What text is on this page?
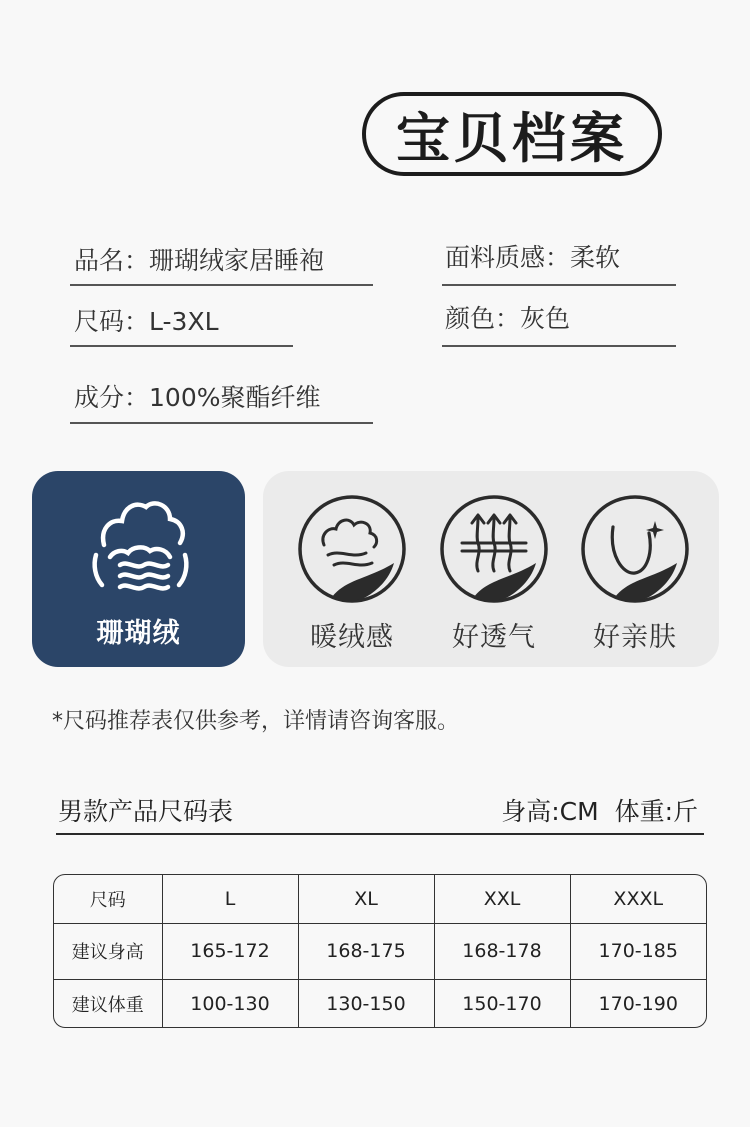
宝贝档案
品名 ： 珊瑚绒家居睡袍	面料质感 ： 柔软
尺码 ： L-3XL	颜色 ： 灰色
成分 ： 100%聚酯纤维
珊瑚绒	暖绒感	好透气	好亲肤
*尺码推荐表仅供参考，详情请咨询客服。
男款产品尺码表	身高:CM  体重:斤
尺码	L	XL	XXL	XXXL
建议身高	165-172	168-175	168-178	170-185
建议体重	100-130	130-150	150-170	170-190
